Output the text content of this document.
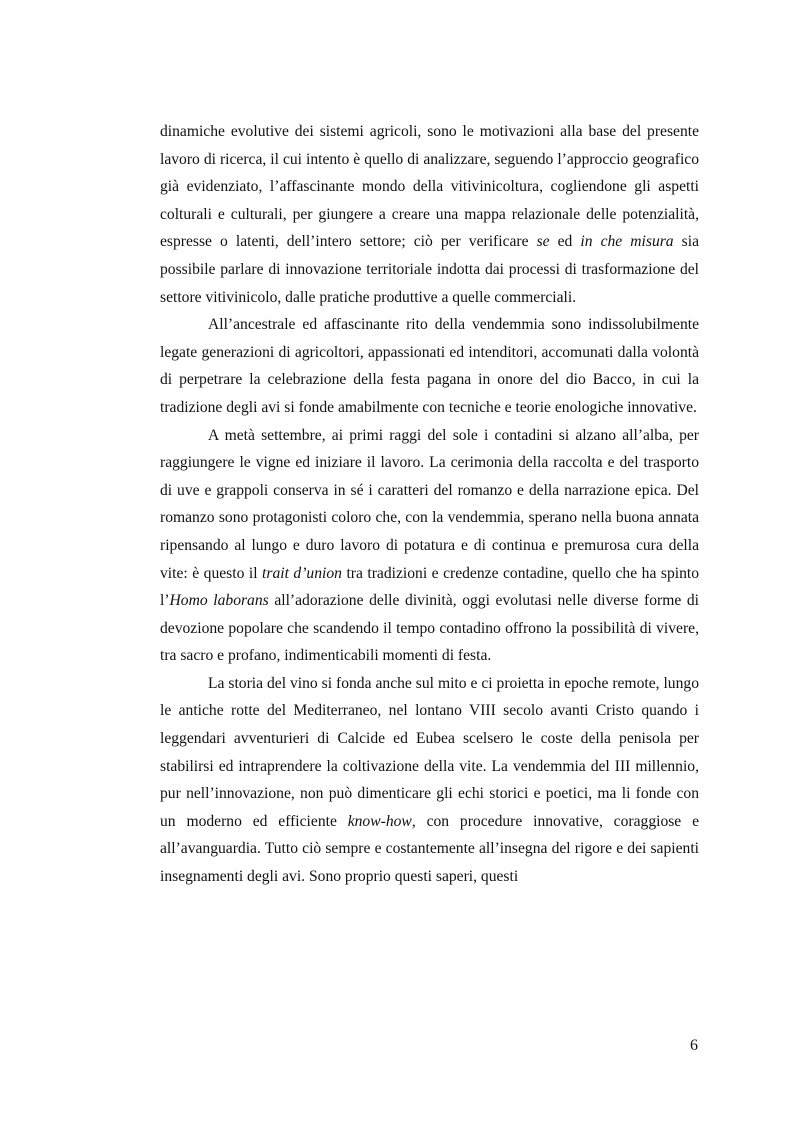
dinamiche evolutive dei sistemi agricoli, sono le motivazioni alla base del presente lavoro di ricerca, il cui intento è quello di analizzare, seguendo l’approccio geografico già evidenziato, l’affascinante mondo della vitivinicoltura, cogliendone gli aspetti colturali e culturali, per giungere a creare una mappa relazionale delle potenzialità, espresse o latenti, dell’intero settore; ciò per verificare se ed in che misura sia possibile parlare di innovazione territoriale indotta dai processi di trasformazione del settore vitivinicolo, dalle pratiche produttive a quelle commerciali.

All’ancestrale ed affascinante rito della vendemmia sono indissolubilmente legate generazioni di agricoltori, appassionati ed intenditori, accomunati dalla volontà di perpetrare la celebrazione della festa pagana in onore del dio Bacco, in cui la tradizione degli avi si fonde amabilmente con tecniche e teorie enologiche innovative.

A metà settembre, ai primi raggi del sole i contadini si alzano all’alba, per raggiungere le vigne ed iniziare il lavoro. La cerimonia della raccolta e del trasporto di uve e grappoli conserva in sé i caratteri del romanzo e della narrazione epica. Del romanzo sono protagonisti coloro che, con la vendemmia, sperano nella buona annata ripensando al lungo e duro lavoro di potatura e di continua e premurosa cura della vite: è questo il trait d’union tra tradizioni e credenze contadine, quello che ha spinto l’Homo laborans all’adorazione delle divinità, oggi evolutasi nelle diverse forme di devozione popolare che scandendo il tempo contadino offrono la possibilità di vivere, tra sacro e profano, indimenticabili momenti di festa.

La storia del vino si fonda anche sul mito e ci proietta in epoche remote, lungo le antiche rotte del Mediterraneo, nel lontano VIII secolo avanti Cristo quando i leggendari avventurieri di Calcide ed Eubea scelsero le coste della penisola per stabilirsi ed intraprendere la coltivazione della vite. La vendemmia del III millennio, pur nell’innovazione, non può dimenticare gli echi storici e poetici, ma li fonde con un moderno ed efficiente know-how, con procedure innovative, coraggiose e all’avanguardia. Tutto ciò sempre e costantemente all’insegna del rigore e dei sapienti insegnamenti degli avi. Sono proprio questi saperi, questi

6
